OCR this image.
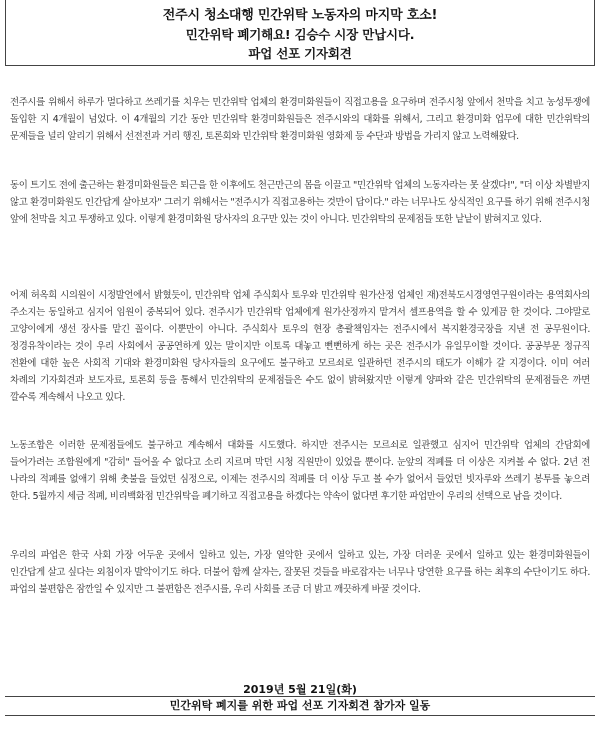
전주시 청소대행 민간위탁 노동자의 마지막 호소!
민간위탁 폐기해요! 김승수 시장 만납시다.
파업 선포 기자회견

전주시를 위해서 하루가 멀다하고 쓰레기를 치우는 민간위탁 업체의 환경미화원들이 직접고용을 요구하며 전주시청 앞에서 천막을 치고 농성투쟁에 돌입한 지 4개월이 넘었다. 이 4개월의 기간 동안 민간위탁 환경미화원들은 전주시와의 대화를 위해서, 그리고 환경미화 업무에 대한 민간위탁의 문제들을 널리 알리기 위해서 선전전과 거리 행진, 토론회와 민간위탁 환경미화원 영화제 등 수단과 방법을 가리지 않고 노력해왔다.

동이 트기도 전에 출근하는 환경미화원들은 퇴근을 한 이후에도 천근만근의 몸을 이끌고 "민간위탁 업체의 노동자라는 못 살겠다!", "더 이상 차별받지 않고 환경미화원도 인간답게 살아보자" 그러기 위해서는 "전주시가 직접고용하는 것만이 답이다." 라는 너무나도 상식적인 요구를 하기 위해 전주시청 앞에 천막을 치고 투쟁하고 있다. 이렇게 환경미화원 당사자의 요구만 있는 것이 아니다. 민간위탁의 문제점들 또한 낱낱이 밝혀지고 있다.

어제 허옥희 시의원이 시정발언에서 밝혔듯이, 민간위탁 업체 주식회사 토우와 민간위탁 원가산정 업체인 재)전북도시경영연구원이라는 용역회사의 주소지는 동일하고 심지어 임원이 중복되어 있다. 전주시가 민간위탁 업체에게 원가산정까지 맡겨서 셀프용역을 할 수 있게끔 한 것이다. 그야말로 고양이에게 생선 장사를 맡긴 꼴이다. 이뿐만이 아니다. 주식회사 토우의 현장 총괄책임자는 전주시에서 복지환경국장을 지낸 전 공무원이다. 정경유착이라는 것이 우리 사회에서 공공연하게 있는 말이지만 이토록 대놓고 뻔뻔하게 하는 곳은 전주시가 유일무이할 것이다. 공공부문 정규직 전환에 대한 높은 사회적 기대와 환경미화원 당사자들의 요구에도 불구하고 모르쇠로 일관하던 전주시의 태도가 이해가 갈 지경이다. 이미 여러 차례의 기자회견과 보도자료, 토론회 등을 통해서 민간위탁의 문제점들은 수도 없이 밝혀왔지만 이렇게 양파와 같은 민간위탁의 문제점들은 까면 깔수록 계속해서 나오고 있다.

노동조합은 이러한 문제점들에도 불구하고 계속해서 대화를 시도했다. 하지만 전주시는 모르쇠로 일관했고 심지어 민간위탁 업체의 간담회에 들어가려는 조합원에게 "감히" 들어올 수 없다고 소리 지르며 막던 시청 직원만이 있었을 뿐이다. 눈앞의 적폐를 더 이상은 지켜볼 수 없다. 2년 전 나라의 적폐를 없애기 위해 촛불을 들었던 심정으로, 이제는 전주시의 적폐를 더 이상 두고 볼 수가 없어서 들었던 빗자루와 쓰레기 봉투를 놓으려 한다. 5월까지 세금 적폐, 비리백화점 민간위탁을 폐기하고 직접고용을 하겠다는 약속이 없다면 후기한 파업만이 우리의 선택으로 남을 것이다.

우리의 파업은 한국 사회 가장 어두운 곳에서 일하고 있는, 가장 열악한 곳에서 일하고 있는, 가장 더러운 곳에서 일하고 있는 환경미화원들이 인간답게 살고 싶다는 외침이자 발악이기도 하다. 더불어 함께 살자는, 잘못된 것들을 바로잡자는 너무나 당연한 요구를 하는 최후의 수단이기도 하다. 파업의 불편함은 잠깐일 수 있지만 그 불편함은 전주시를, 우리 사회를 조금 더 밝고 깨끗하게 바꿀 것이다.

2019년 5월 21일(화)
민간위탁 폐지를 위한 파업 선포 기자회견 참가자 일동
